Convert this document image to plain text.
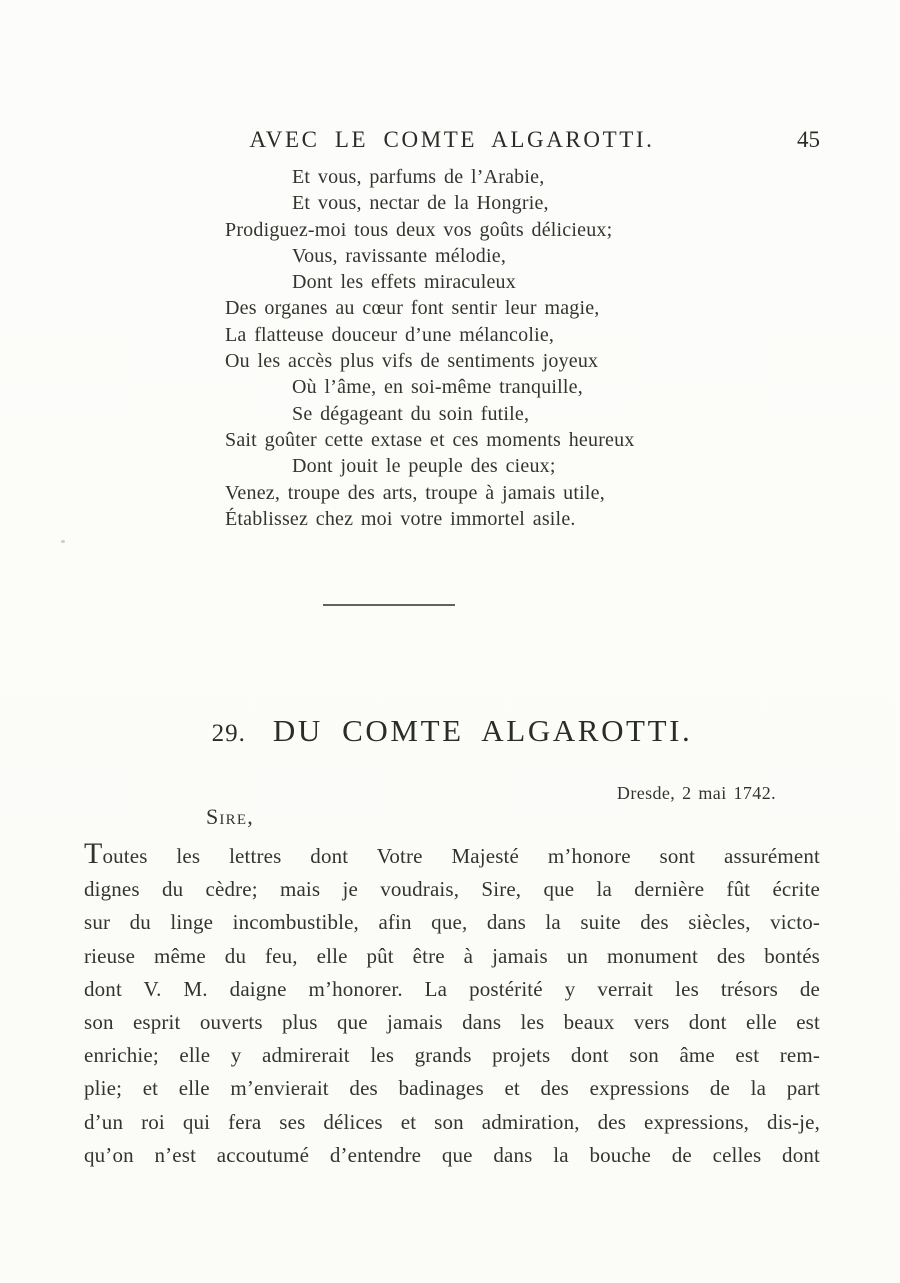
AVEC LE COMTE ALGAROTTI.	45
Et vous, parfums de l’Arabie,
Et vous, nectar de la Hongrie,
Prodiguez-moi tous deux vos goûts délicieux;
Vous, ravissante mélodie,
Dont les effets miraculeux
Des organes au cœur font sentir leur magie,
La flatteuse douceur d’une mélancolie,
Ou les accès plus vifs de sentiments joyeux
Où l’âme, en soi-même tranquille,
Se dégageant du soin futile,
Sait goûter cette extase et ces moments heureux
Dont jouit le peuple des cieux;
Venez, troupe des arts, troupe à jamais utile,
Établissez chez moi votre immortel asile.
29. DU COMTE ALGAROTTI.
Dresde, 2 mai 1742.
Sire,
Toutes les lettres dont Votre Majesté m’honore sont assurément
dignes du cèdre; mais je voudrais, Sire, que la dernière fût écrite
sur du linge incombustible, afin que, dans la suite des siècles, victo-
rieuse même du feu, elle pût être à jamais un monument des bontés
dont V. M. daigne m’honorer. La postérité y verrait les trésors de
son esprit ouverts plus que jamais dans les beaux vers dont elle est
enrichie; elle y admirerait les grands projets dont son âme est rem-
plie; et elle m’envierait des badinages et des expressions de la part
d’un roi qui fera ses délices et son admiration, des expressions, dis-je,
qu’on n’est accoutumé d’entendre que dans la bouche de celles dont
